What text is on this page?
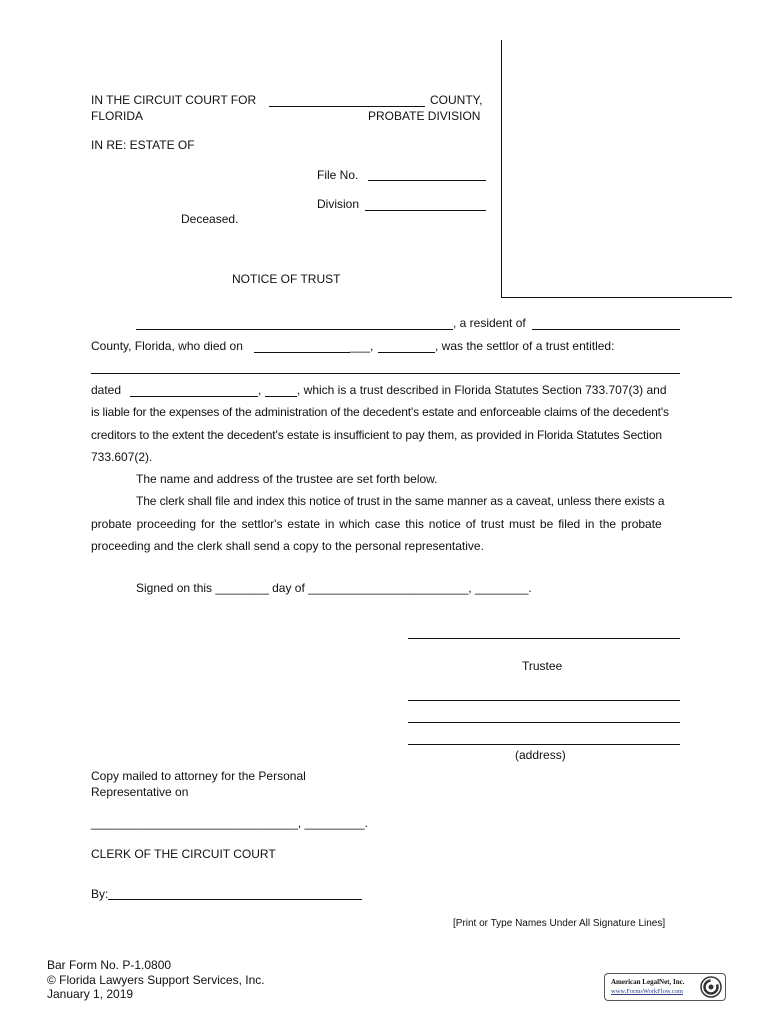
IN THE CIRCUIT COURT FOR	COUNTY,
FLORIDA	PROBATE DIVISION
IN RE: ESTATE OF
File No.
Division
Deceased.
NOTICE OF TRUST
, a resident of
County, Florida, who died on	___,	, was the settlor of a trust entitled:
dated	,	, which is a trust described in Florida Statutes Section 733.707(3) and
is liable for the expenses of the administration of the decedent's estate and enforceable claims of the decedent's
creditors to the extent the decedent's estate is insufficient to pay them, as provided in Florida Statutes Section
733.607(2).
The name and address of the trustee are set forth below.
The clerk shall file and index this notice of trust in the same manner as a caveat, unless there exists a
probate proceeding for the settlor's estate in which case this notice of trust must be filed in the probate
proceeding and the clerk shall send a copy to the personal representative.
Signed on this ________ day of ________________________, ________.
Trustee
(address)
Copy mailed to attorney for the Personal
Representative on
_______________________________, _________.
CLERK OF THE CIRCUIT COURT
By:
[Print or Type Names Under All Signature Lines]
Bar Form No. P-1.0800
© Florida Lawyers Support Services, Inc.
January 1, 2019
American LegalNet, Inc.
www.FormsWorkFlow.com
